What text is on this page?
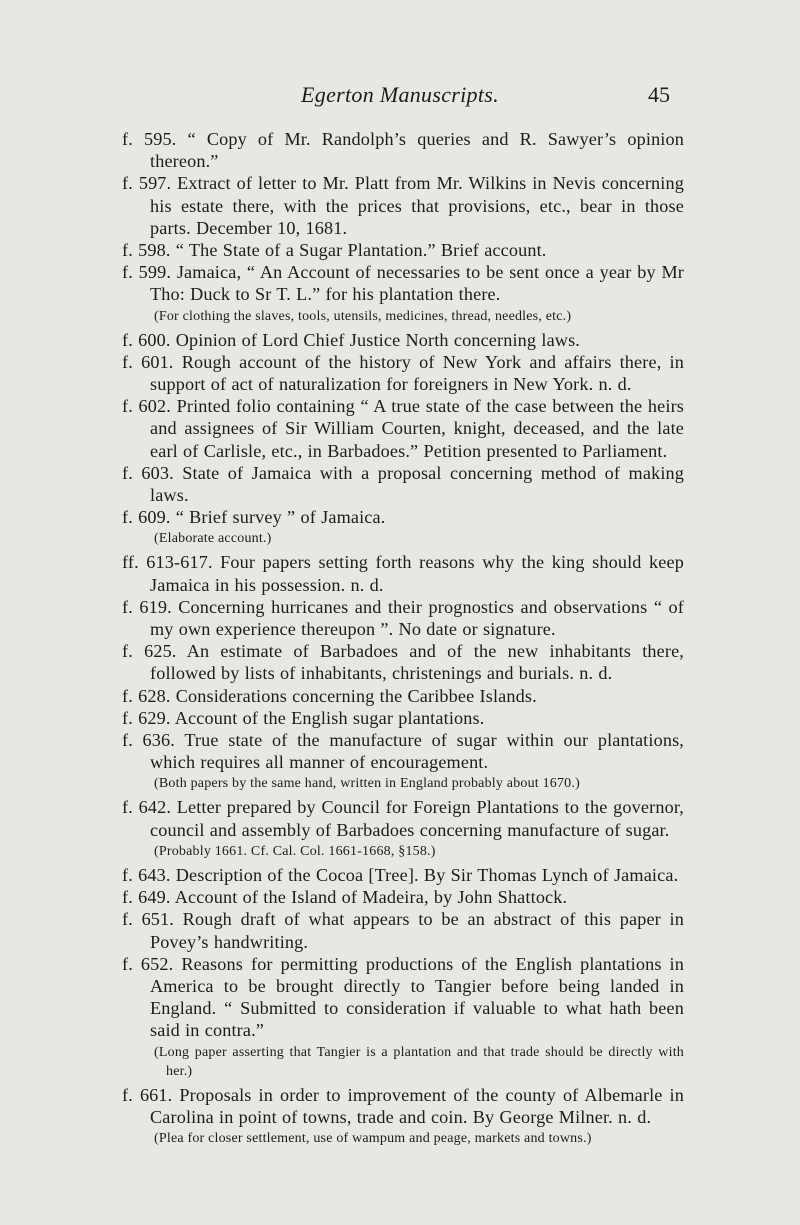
Egerton Manuscripts.	45

f. 595. “ Copy of Mr. Randolph’s queries and R. Sawyer’s opinion thereon.”

f. 597. Extract of letter to Mr. Platt from Mr. Wilkins in Nevis concerning his estate there, with the prices that provisions, etc., bear in those parts. December 10, 1681.

f. 598. “ The State of a Sugar Plantation.” Brief account.

f. 599. Jamaica, “ An Account of necessaries to be sent once a year by Mr Tho: Duck to Sr T. L.” for his plantation there.

(For clothing the slaves, tools, utensils, medicines, thread, needles, etc.)

f. 600. Opinion of Lord Chief Justice North concerning laws.

f. 601. Rough account of the history of New York and affairs there, in support of act of naturalization for foreigners in New York. n. d.

f. 602. Printed folio containing “ A true state of the case between the heirs and assignees of Sir William Courten, knight, deceased, and the late earl of Carlisle, etc., in Barbadoes.” Petition presented to Parliament.

f. 603. State of Jamaica with a proposal concerning method of making laws.

f. 609. “ Brief survey ” of Jamaica.

(Elaborate account.)

ff. 613-617. Four papers setting forth reasons why the king should keep Jamaica in his possession. n. d.

f. 619. Concerning hurricanes and their prognostics and observations “ of my own experience thereupon ”. No date or signature.

f. 625. An estimate of Barbadoes and of the new inhabitants there, followed by lists of inhabitants, christenings and burials. n. d.

f. 628. Considerations concerning the Caribbee Islands.

f. 629. Account of the English sugar plantations.

f. 636. True state of the manufacture of sugar within our plantations, which requires all manner of encouragement.

(Both papers by the same hand, written in England probably about 1670.)

f. 642. Letter prepared by Council for Foreign Plantations to the governor, council and assembly of Barbadoes concerning manufacture of sugar.

(Probably 1661. Cf. Cal. Col. 1661-1668, §158.)

f. 643. Description of the Cocoa [Tree]. By Sir Thomas Lynch of Jamaica.

f. 649. Account of the Island of Madeira, by John Shattock.

f. 651. Rough draft of what appears to be an abstract of this paper in Povey’s handwriting.

f. 652. Reasons for permitting productions of the English plantations in America to be brought directly to Tangier before being landed in England. “ Submitted to consideration if valuable to what hath been said in contra.”

(Long paper asserting that Tangier is a plantation and that trade should be directly with her.)

f. 661. Proposals in order to improvement of the county of Albemarle in Carolina in point of towns, trade and coin. By George Milner. n. d.

(Plea for closer settlement, use of wampum and peage, markets and towns.)
